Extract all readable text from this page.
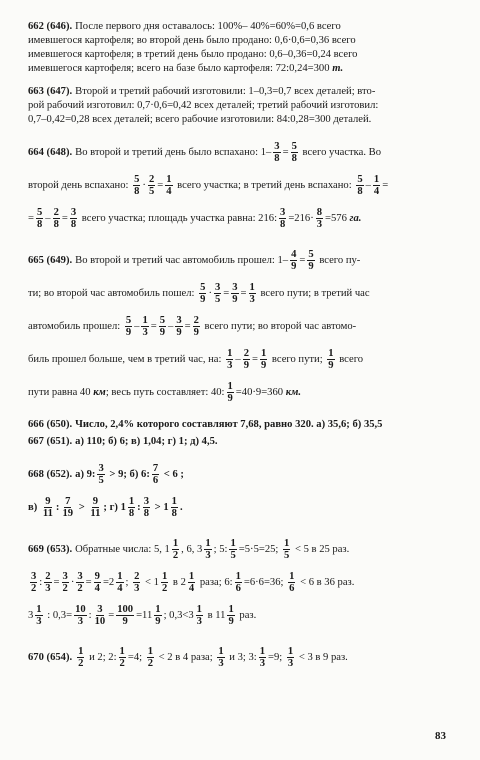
662 (646). После первого дня оставалось: 100%– 40%=60%=0,6 всего
имевшегося картофеля; во второй день было продано: 0,6·0,6=0,36 всего
имевшегося картофеля; в третий день было продано: 0,6–0,36=0,24 всего
имевшегося картофеля; всего на базе было картофеля: 72:0,24=300 т.
663 (647). Второй и третий рабочий изготовили: 1–0,3=0,7 всех деталей; вто-
рой рабочий изготовил: 0,7·0,6=0,42 всех деталей; третий рабочий изготовил:
0,7–0,42=0,28 всех деталей; всего рабочие изготовили: 84:0,28=300 деталей.
664 (648). Во второй и третий день было вспахано: $1- \frac{3}{8} = \frac{5}{8}$ всего участка. Во
второй день вспахано: $\frac{5}{8} \cdot \frac{2}{5} = \frac{1}{4}$ всего участка; в третий день вспахано: $\frac{5}{8} - \frac{1}{4}$ =
= $\frac{5}{8} - \frac{2}{8} = \frac{3}{8}$ всего участка; площадь участка равна: 216: $\frac{3}{8} =216\cdot \frac{8}{3} =576$ га.
665 (649). Во второй и третий час автомобиль прошел: $1- \frac{4}{9} = \frac{5}{9}$ всего пу-
ти; во второй час автомобиль пошел: $\frac{5}{9} \cdot \frac{3}{5} = \frac{3}{9} = \frac{1}{3}$ всего пути; в третий час
автомобиль прошел: $\frac{5}{9} - \frac{1}{3} = \frac{5}{9} - \frac{3}{9} = \frac{2}{9}$ всего пути; во второй час автомо-
биль прошел больше, чем в третий час, на: $\frac{1}{3} - \frac{2}{9} = \frac{1}{9}$ всего пути; $\frac{1}{9}$ всего
пути равна 40 км ; весь путь составляет: 40: $\frac{1}{9} =40\cdot 9=360$ км.
666 (650). Число, 2,4% которого составляют 7,68, равно 320. а) 35,6; б) 35,5
667 (651). а) 110; б) 6; в) 1,04; г) 1; д) 4,5.
668 (652). а) 9: $\frac{3}{5} > 9$; б) 6: $\frac{7}{6} < 6$ ;
$в) \frac{9}{11}$ : $\frac{7}{19} > \frac{9}{11}$ ; г) $1 \frac{1}{8}$ : $\frac{3}{8} > 1 \frac{1}{8}$ .
669 (653). Обратные числа: 5, $1 \frac{1}{2}$ , 6, $3 \frac{1}{3}$ ; 5: $\frac{1}{5} =5\cdot 5=25$; $\frac{1}{5} < 5$ в 25 раз.
$\frac{3}{2}$ : $\frac{2}{3} = \frac{3}{2} \cdot \frac{3}{2} = \frac{9}{4} =2 \frac{1}{4}$ ; $\frac{2}{3} < 1 \frac{1}{2}$ в $2 \frac{1}{4}$ раза; 6: $\frac{1}{6} =6\cdot 6=36$; $\frac{1}{6} < 6$ в 36 раз.
$3 \frac{1}{3}$ : $0,3= \frac{10}{3}$ : $\frac{3}{10} = \frac{100}{9} =11 \frac{1}{9}$ ; $0,3<3 \frac{1}{3}$ в $11 \frac{1}{9}$ раз.
670 (654). $\frac{1}{2}$ и 2; 2: $\frac{1}{2} =4$; $\frac{1}{2} < 2$ в 4 раза; $\frac{1}{3}$ и 3; 3: $\frac{1}{3} =9$; $\frac{1}{3} < 3$ в 9 раз.
83
